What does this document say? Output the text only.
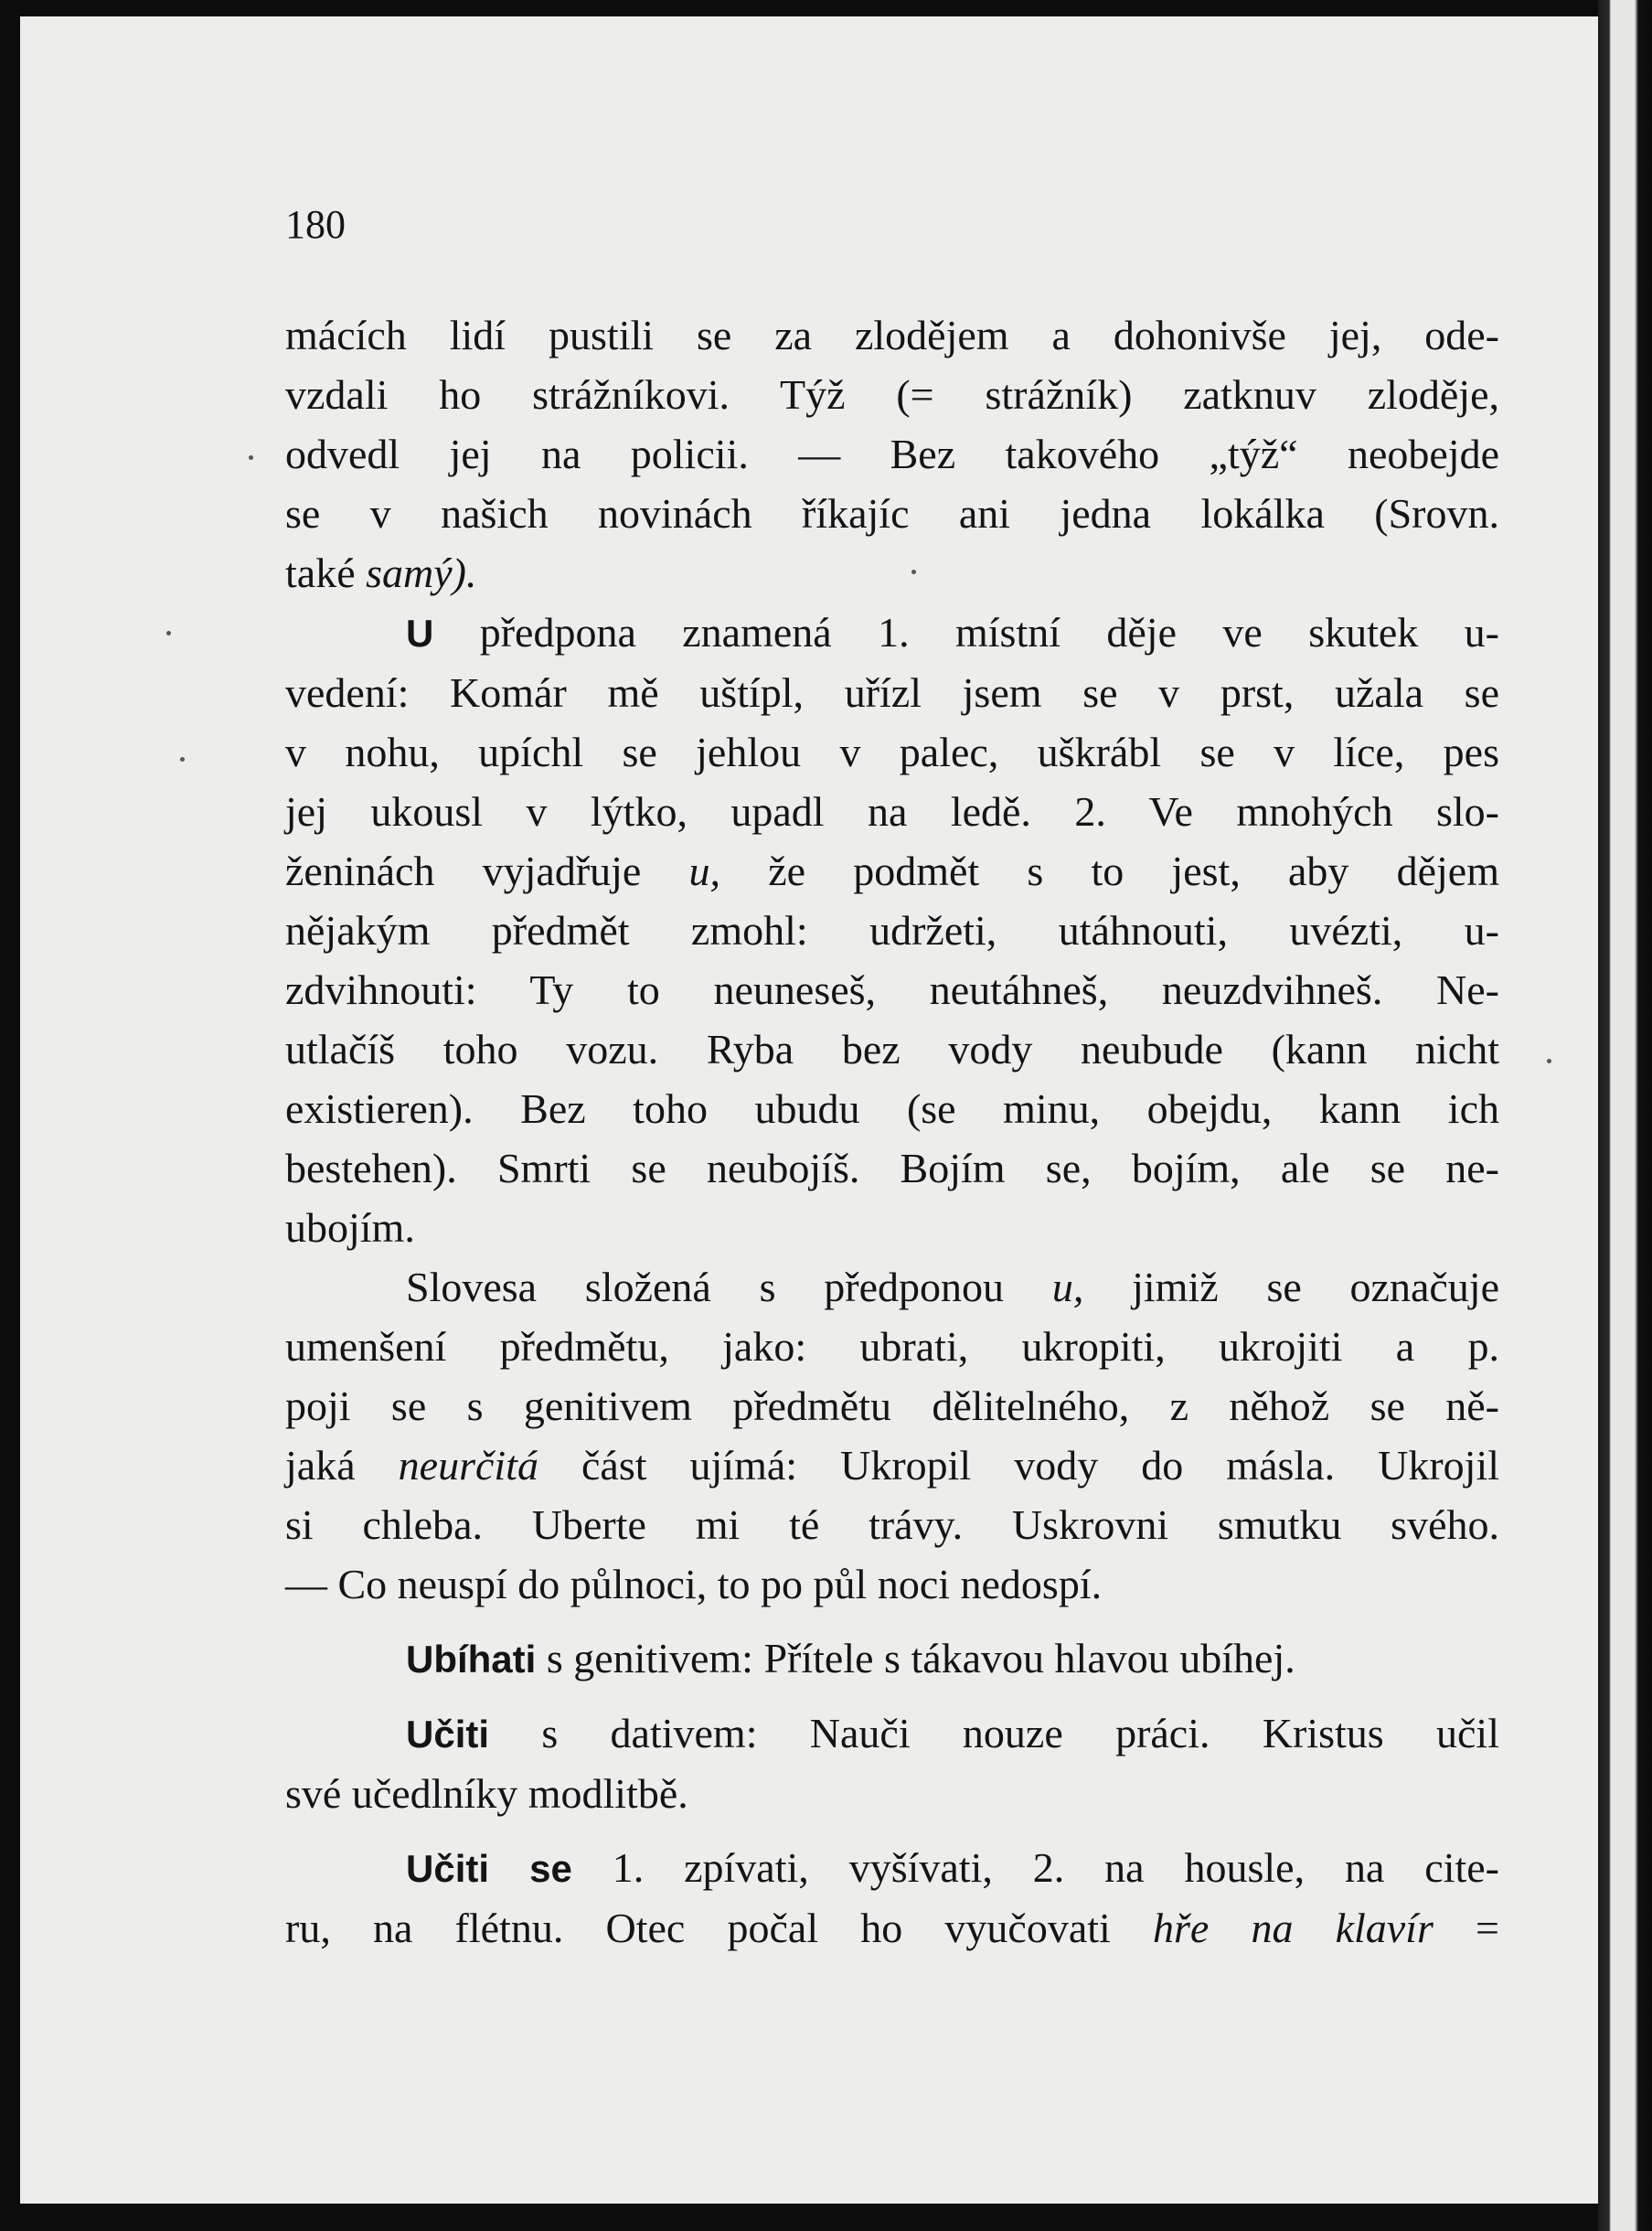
180
mácích lidí pustili se za zlodějem a dohonivše jej, ode-
vzdali ho strážníkovi. Týž (= strážník) zatknuv zloděje,
odvedl jej na policii. — Bez takového „týž“ neobejde
se v našich novinách říkajíc ani jedna lokálka (Srovn.
také samý).
U předpona znamená 1. místní děje ve skutek u-
vedení: Komár mě uštípl, uřízl jsem se v prst, užala se
v nohu, upíchl se jehlou v palec, uškrábl se v líce, pes
jej ukousl v lýtko, upadl na ledě. 2. Ve mnohých slo-
ženinách vyjadřuje u, že podmět s to jest, aby dějem
nějakým předmět zmohl: udržeti, utáhnouti, uvézti, u-
zdvihnouti: Ty to neuneseš, neutáhneš, neuzdvihneš. Ne-
utlačíš toho vozu. Ryba bez vody neubude (kann nicht
existieren). Bez toho ubudu (se minu, obejdu, kann ich
bestehen). Smrti se neubojíš. Bojím se, bojím, ale se ne-
ubojím.
Slovesa složená s předponou u, jimiž se označuje
umenšení předmětu, jako: ubrati, ukropiti, ukrojiti a p.
poji se s genitivem předmětu dělitelného, z něhož se ně-
jaká neurčitá část ujímá: Ukropil vody do másla. Ukrojil
si chleba. Uberte mi té trávy. Uskrovni smutku svého.
— Co neuspí do půlnoci, to po půl noci nedospí.
Ubíhati s genitivem: Přítele s tákavou hlavou ubíhej.
Učiti s dativem: Nauči nouze práci. Kristus učil
své učedlníky modlitbě.
Učiti se 1. zpívati, vyšívati, 2. na housle, na cite-
ru, na flétnu. Otec počal ho vyučovati hře na klavír =
